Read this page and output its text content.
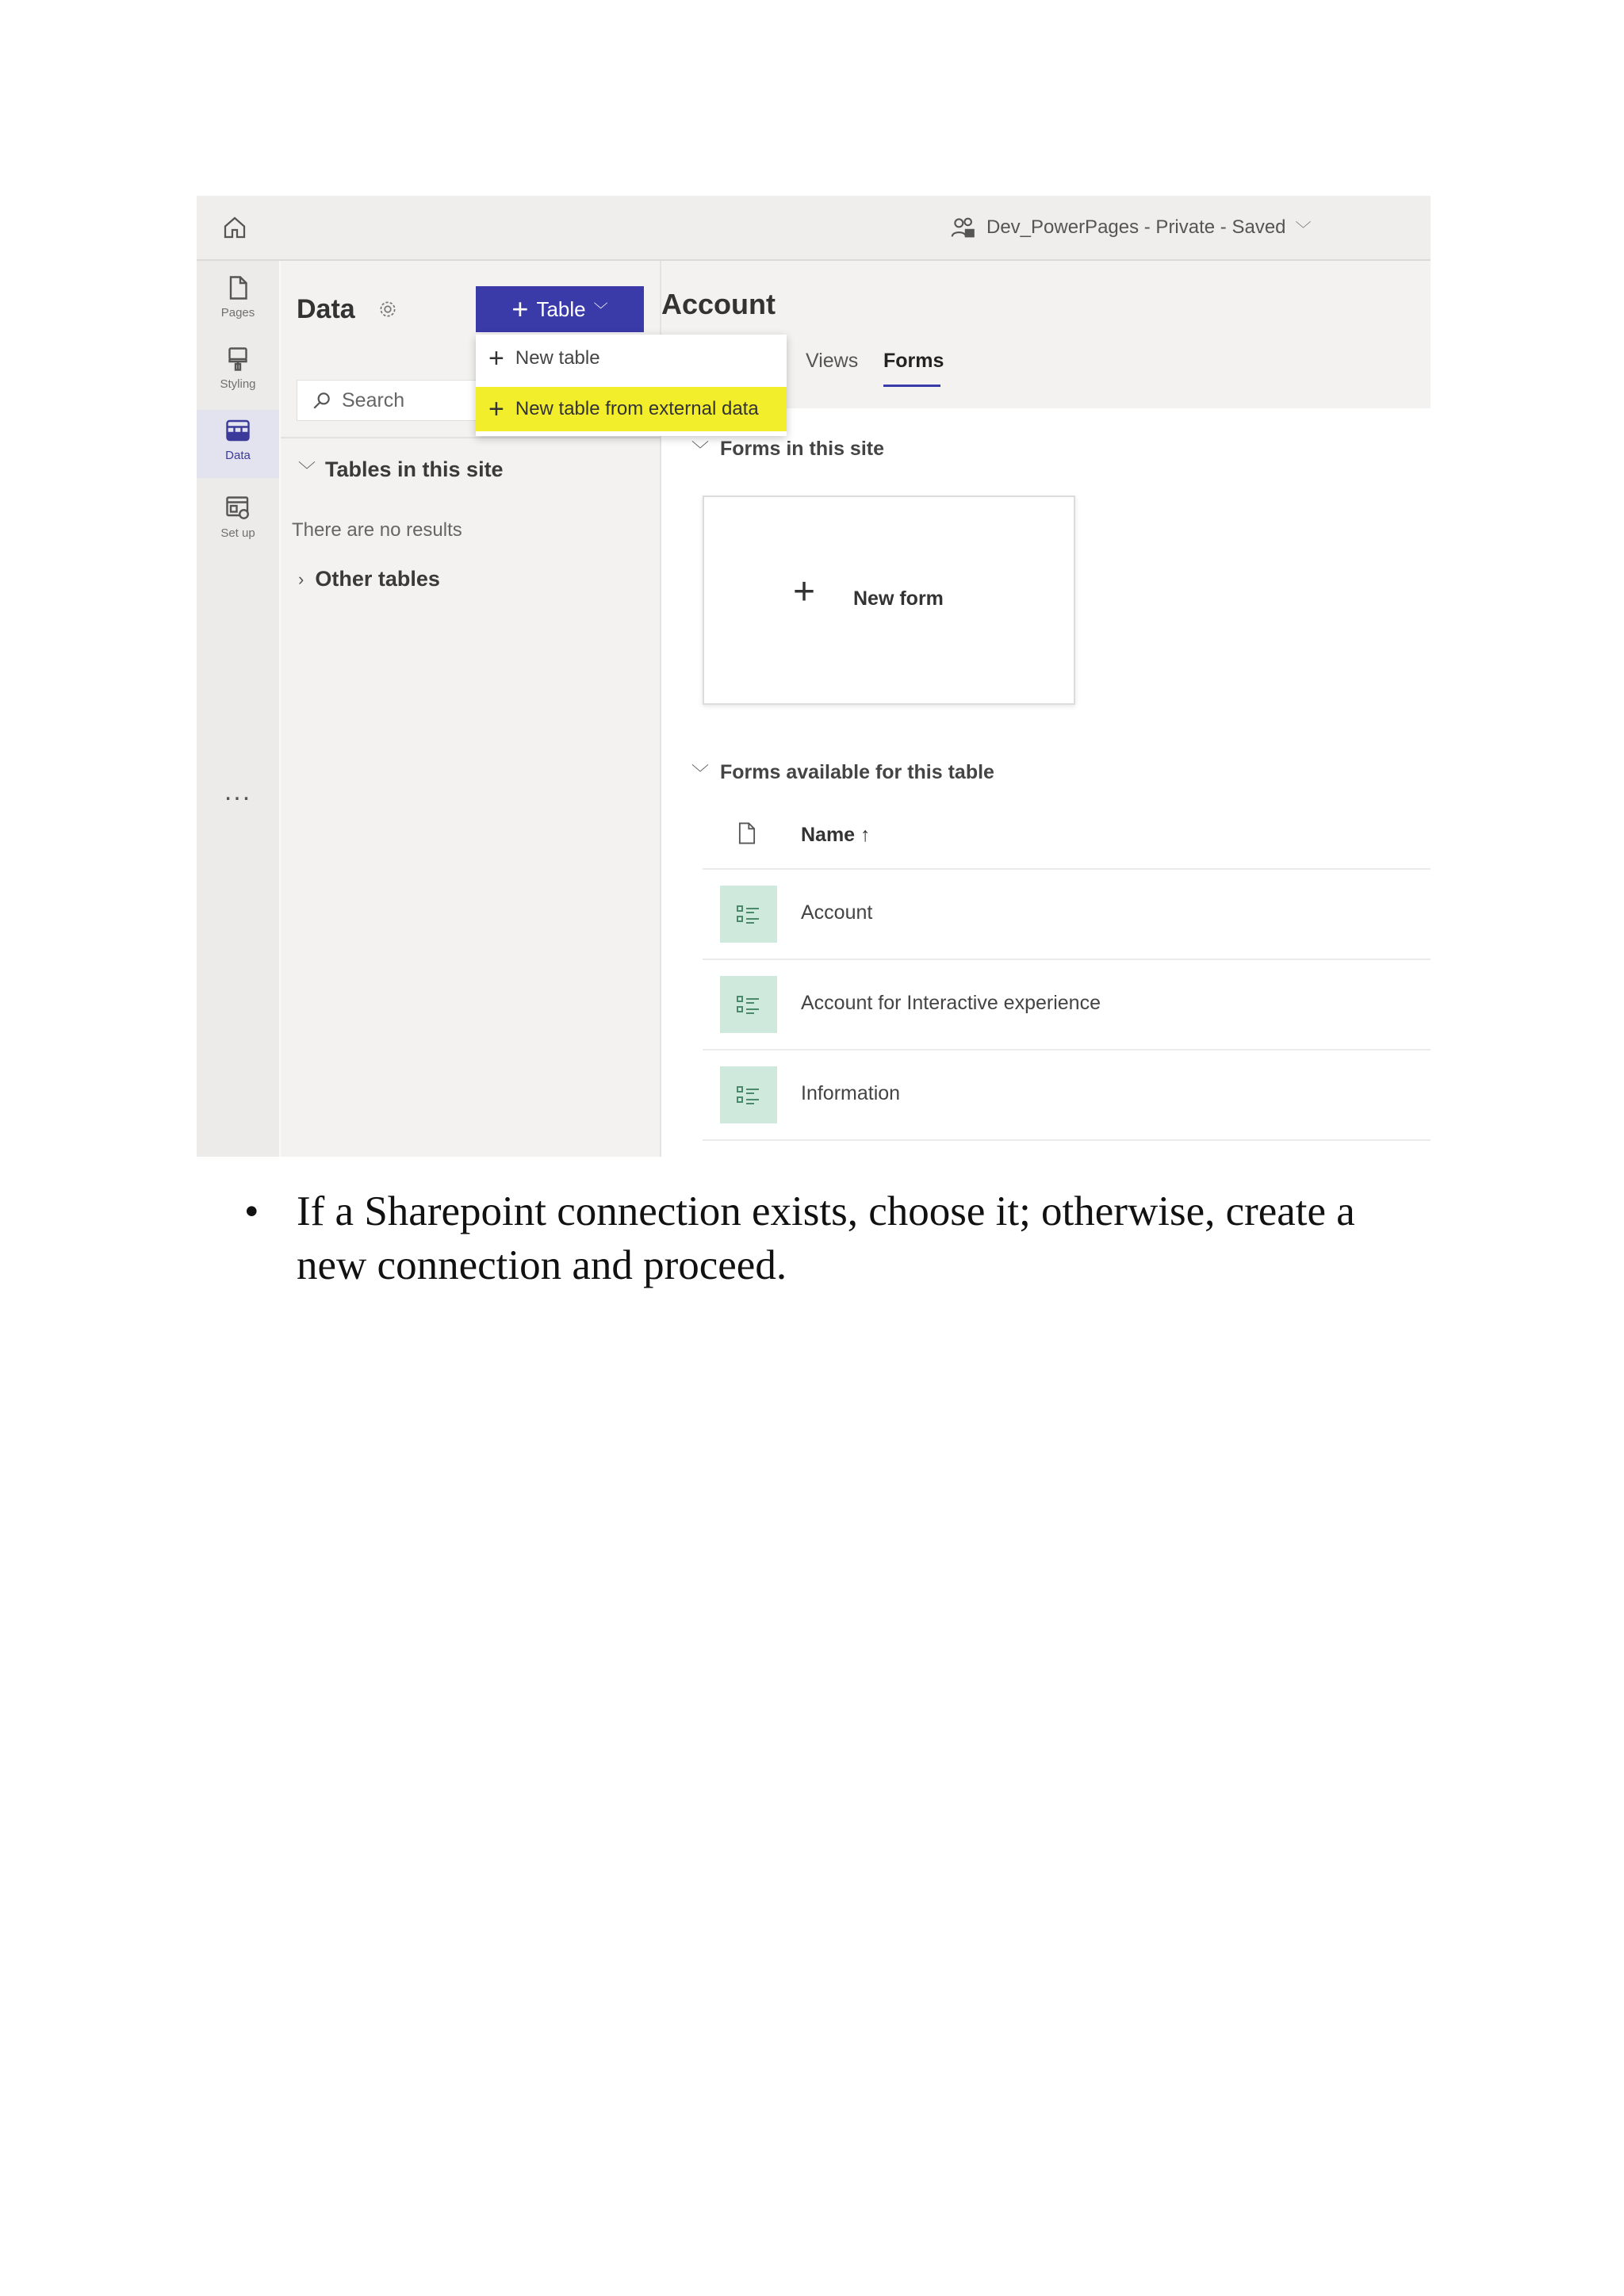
Dev_PowerPages - Private - Saved ﹀
Pages
Styling
Data
Set up
...
Data	+ Table ﹀
Search
﹀ Tables in this site
There are no results
› Other tables
Account
Views Forms
﹀ Forms in this site
+ New form
﹀ Forms available for this table
Name ↑
Account
Account for Interactive experience
Information
+ New table
+ New table from external data
• If a Sharepoint connection exists, choose it; otherwise, create a new connection and proceed.
